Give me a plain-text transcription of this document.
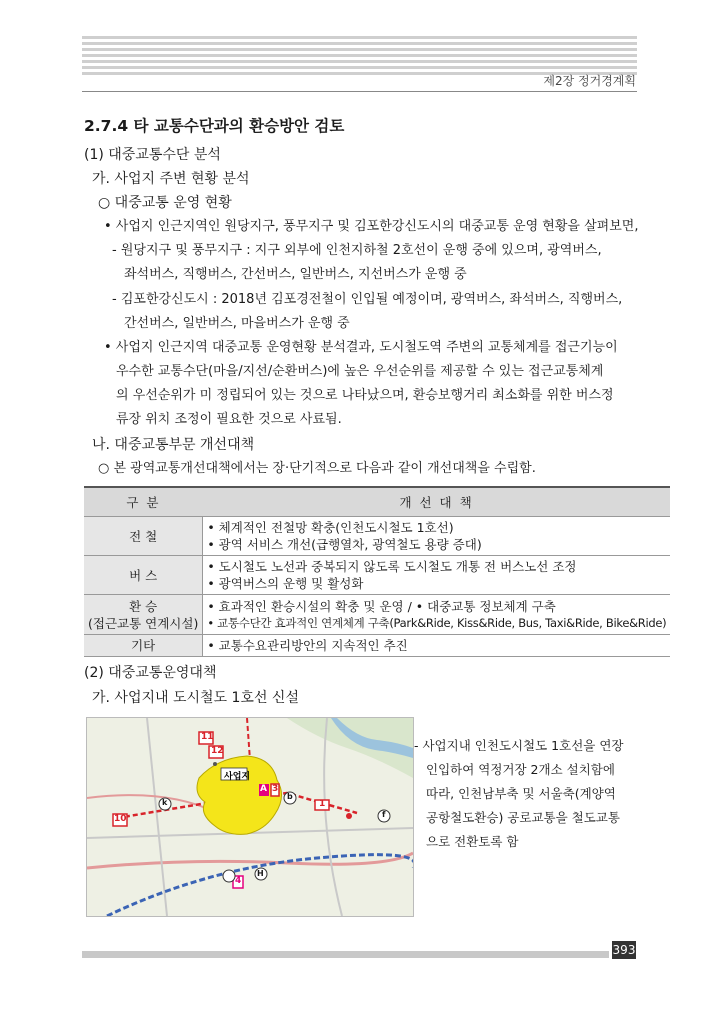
제2장 정거경계획
2.7.4 타 교통수단과의 환승방안 검토
(1) 대중교통수단 분석
가. 사업지 주변 현황 분석
○ 대중교통 운영 현황
• 사업지 인근지역인 원당지구, 풍무지구 및 김포한강신도시의 대중교통 운영 현황을 살펴보면,
- 원당지구 및 풍무지구 : 지구 외부에 인천지하철 2호선이 운행 중에 있으며, 광역버스,
좌석버스, 직행버스, 간선버스, 일반버스, 지선버스가 운행 중
- 김포한강신도시 : 2018년 김포경전철이 인입될 예정이며, 광역버스, 좌석버스, 직행버스,
간선버스, 일반버스, 마을버스가 운행 중
• 사업지 인근지역 대중교통 운영현황 분석결과, 도시철도역 주변의 교통체계를 접근기능이
우수한 교통수단(마을/지선/순환버스)에 높은 우선순위를 제공할 수 있는 접근교통체계
의 우선순위가 미 정립되어 있는 것으로 나타났으며, 환승보행거리 최소화를 위한 버스정
류장 위치 조정이 필요한 것으로 사료됨.
나. 대중교통부문 개선대책
○ 본 광역교통개선대책에서는 장·단기적으로 다음과 같이 개선대책을 수립함.
구 분	개 선 대 책

전 철	• 체계적인 전철망 확충(인천도시철도 1호선)
• 광역 서비스 개선(급행열차, 광역철도 용량 증대)

버 스	• 도시철도 노선과 중복되지 않도록 도시철도 개통 전 버스노선 조정
• 광역버스의 운행 및 활성화

환 승
(접근교통 연계시설)	• 효과적인 환승시설의 확충 및 운영 / • 대중교통 정보체계 구축
• 교통수단간 효과적인 연계체계 구축(Park&Ride, Kiss&Ride, Bus, Taxi&Ride, Bike&Ride)

기타	• 교통수요관리방안의 지속적인 추진
(2) 대중교통운영대책
가. 사업지내 도시철도 1호선 신설
사업지
11
12
A 3
1
10
k
b
f
H
4
- 사업지내 인천도시철도 1호선을 연장
인입하여 역정거장 2개소 설치함에
따라, 인천남부축 및 서울축(계양역
공항철도환승) 공로교통을 철도교통
으로 전환토록 함
393
